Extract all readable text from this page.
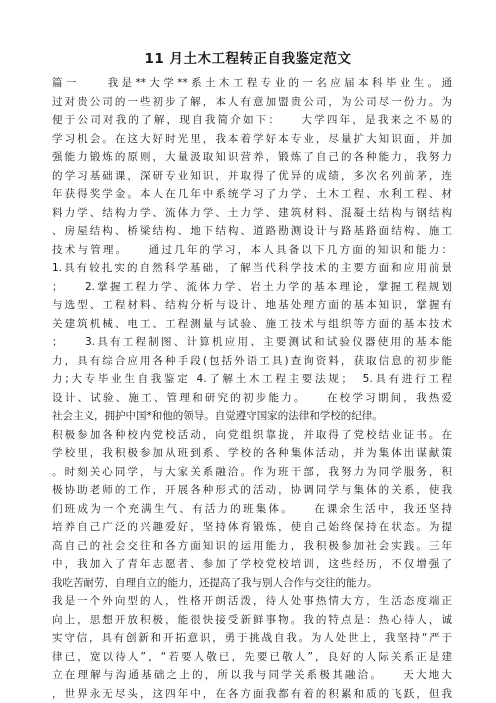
11 月土木工程转正自我鉴定范文
篇一　　我是**大学**系土木工程专业的一名应届本科毕业生。通
过对贵公司的一些初步了解，本人有意加盟贵公司，为公司尽一份力。为
便于公司对我的了解，现自我简介如下：　　大学四年，是我来之不易的
学习机会。在这大好时光里，我本着学好本专业，尽量扩大知识面，并加
强能力锻炼的原则，大量汲取知识营养，锻炼了自己的各种能力，我努力
的学习基础课，深研专业知识，并取得了优异的成绩，多次名列前茅，连
年获得奖学金。本人在几年中系统学习了力学、土木工程、水利工程、材
料力学、结构力学、流体力学、土力学、建筑材料、混凝土结构与钢结构
、房屋结构、桥梁结构、地下结构、道路勘测设计与路基路面结构、施工
技术与管理。　　通过几年的学习，本人具备以下几方面的知识和能力：
1.具有较扎实的自然科学基础，了解当代科学技术的主要方面和应用前景
；　　2.掌握工程力学、流体力学、岩土力学的基本理论，掌握工程规划
与选型、工程材料、结构分析与设计、地基处理方面的基本知识，掌握有
关建筑机械、电工、工程测量与试验、施工技术与组织等方面的基本技术
；　　3.具有工程制图、计算机应用、主要测试和试验仪器使用的基本能
力，具有综合应用各种手段(包括外语工具)查询资料，获取信息的初步能
力;大专毕业生自我鉴定 4.了解土木工程主要法规；　5.具有进行工程
设计、试验、施工、管理和研究的初步能力。　　在校学习期间，我热爱
社会主义，拥护中国*和他的领导。自觉遵守国家的法律和学校的纪律。
积极参加各种校内党校活动，向党组织靠拢，并取得了党校结业证书。在
学校里，我积极参加从班到系、学校的各种集体活动，并为集体出谋献策
。时刻关心同学，与大家关系融洽。作为班干部，我努力为同学服务，积
极协助老师的工作，开展各种形式的活动，协调同学与集体的关系，使我
们班成为一个充满生气、有活力的班集体。　　在课余生活中，我还坚持
培养自己广泛的兴趣爱好，坚持体育锻炼，使自己始终保持在状态。为提
高自己的社会交往和各方面知识的运用能力，我积极参加社会实践。三年
中，我加入了青年志愿者、参加了学校党校培训，这些经历，不仅增强了
我吃苦耐劳，自理自立的能力，还提高了我与别人合作与交往的能力。
我是一个外向型的人，性格开朗活泼，待人处事热情大方，生活态度端正
向上，思想开放积极，能很快接受新鲜事物。我的特点是：热心待人，诚
实守信，具有创新和开拓意识，勇于挑战自我。为人处世上，我坚持“严于
律已，宽以待人”，“若要人敬已，先要已敬人”，良好的人际关系正是建
立在理解与沟通基础之上的，所以我与同学关系极其融洽。　　天大地大
，世界永无尽头，这四年中，在各方面我都有着的积累和质的飞跃，但我
